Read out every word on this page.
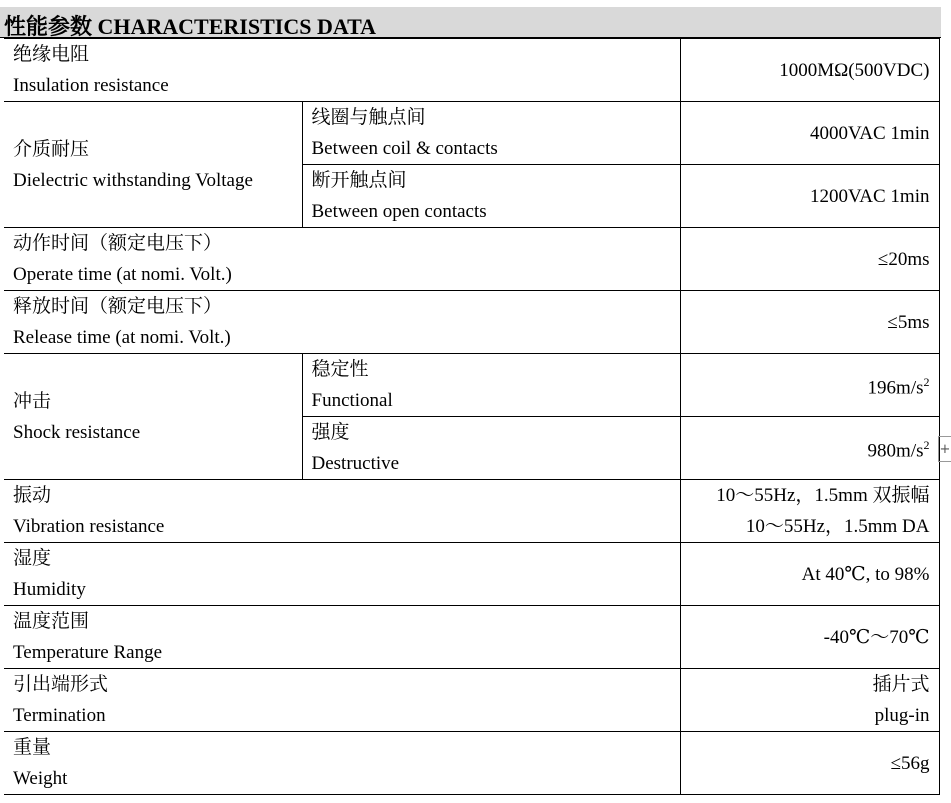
性能参数 CHARACTERISTICS DATA
绝缘电阻
Insulation resistance		1000MΩ(500VDC)

介质耐压
Dielectric withstanding Voltage	线圈与触点间
Between coil & contacts	4000VAC 1min

	断开触点间
Between open contacts	1200VAC 1min

动作时间（额定电压下）
Operate time (at nomi. Volt.)		≤20ms

释放时间（额定电压下）
Release time (at nomi. Volt.)		≤5ms

冲击
Shock resistance	稳定性
Functional	$196m/s^2$

	强度
Destructive	$980m/s^2$

振动
Vibration resistance		10～55Hz，1.5mm 双振幅
10～55Hz，1.5mm DA

湿度
Humidity		At 40℃, to 98%

温度范围
Temperature Range		-40℃～70℃

引出端形式
Termination		插片式
plug-in

重量
Weight		≤56g
+
